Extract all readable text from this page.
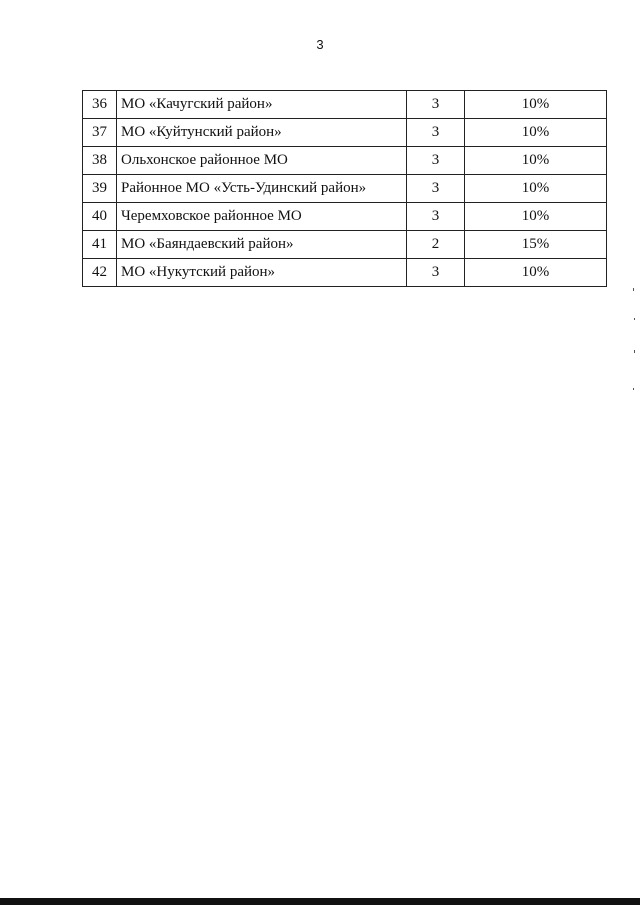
3
36	МО «Качугский район»	3	10%
37	МО «Куйтунский район»	3	10%
38	Ольхонское районное МО	3	10%
39	Районное МО «Усть-Удинский район»	3	10%
40	Черемховское районное МО	3	10%
41	МО «Баяндаевский район»	2	15%
42	МО «Нукутский район»	3	10%
